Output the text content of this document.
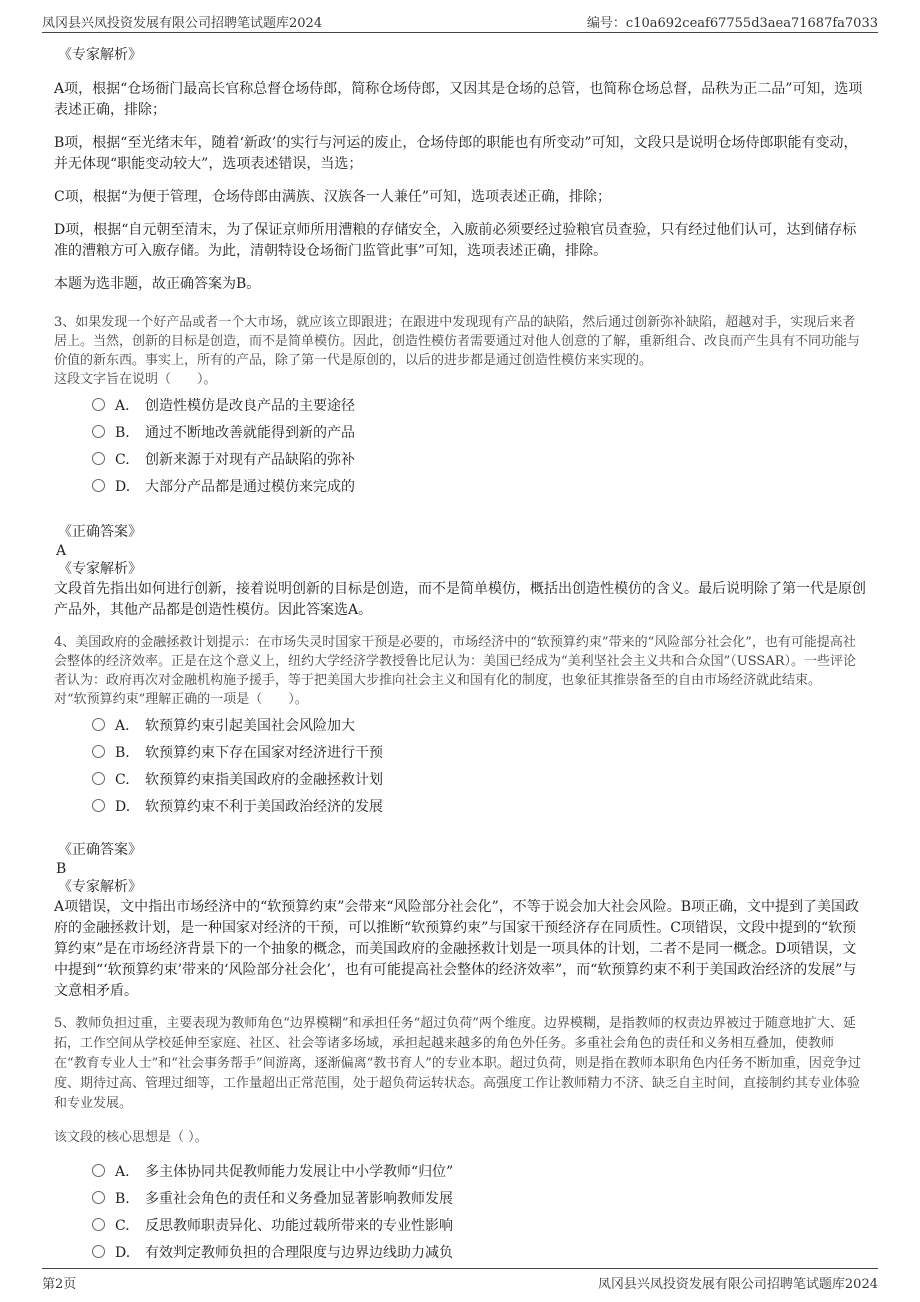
凤冈县兴凤投资发展有限公司招聘笔试题库2024	编号：c10a692ceaf67755d3aea71687fa7033
《专家解析》
A项，根据“仓场衙门最高长官称总督仓场侍郎，简称仓场侍郎，又因其是仓场的总管，也简称仓场总督，品秩为正二品”可知，选项表述正确，排除；
B项，根据“至光绪末年，随着‘新政’的实行与河运的废止，仓场侍郎的职能也有所变动”可知，文段只是说明仓场侍郎职能有变动，并无体现“职能变动较大”，选项表述错误，当选；
C项，根据“为便于管理，仓场侍郎由满族、汉族各一人兼任”可知，选项表述正确，排除；
D项，根据“自元朝至清末，为了保证京师所用漕粮的存储安全，入廒前必须要经过验粮官员查验，只有经过他们认可，达到储存标准的漕粮方可入廒存储。为此，清朝特设仓场衙门监管此事”可知，选项表述正确，排除。
本题为选非题，故正确答案为B。
3、如果发现一个好产品或者一个大市场，就应该立即跟进；在跟进中发现现有产品的缺陷，然后通过创新弥补缺陷，超越对手，实现后来者居上。当然，创新的目标是创造，而不是简单模仿。因此，创造性模仿者需要通过对他人创意的了解，重新组合、改良而产生具有不同功能与价值的新东西。事实上，所有的产品，除了第一代是原创的，以后的进步都是通过创造性模仿来实现的。
这段文字旨在说明（　　）。
A. 创造性模仿是改良产品的主要途径
B. 通过不断地改善就能得到新的产品
C. 创新来源于对现有产品缺陷的弥补
D. 大部分产品都是通过模仿来完成的
《正确答案》
A
《专家解析》
文段首先指出如何进行创新，接着说明创新的目标是创造，而不是简单模仿，概括出创造性模仿的含义。最后说明除了第一代是原创产品外，其他产品都是创造性模仿。因此答案选A。
4、美国政府的金融拯救计划提示：在市场失灵时国家干预是必要的，市场经济中的“软预算约束”带来的“风险部分社会化”，也有可能提高社会整体的经济效率。正是在这个意义上，纽约大学经济学教授鲁比尼认为：美国已经成为“美利坚社会主义共和合众国”（USSAR）。一些评论者认为：政府再次对金融机构施予援手，等于把美国大步推向社会主义和国有化的制度，也象征其推崇备至的自由市场经济就此结束。
对“软预算约束”理解正确的一项是（　　）。
A. 软预算约束引起美国社会风险加大
B. 软预算约束下存在国家对经济进行干预
C. 软预算约束指美国政府的金融拯救计划
D. 软预算约束不利于美国政治经济的发展
《正确答案》
B
《专家解析》
A项错误，文中指出市场经济中的“软预算约束”会带来“风险部分社会化”，不等于说会加大社会风险。B项正确，文中提到了美国政府的金融拯救计划，是一种国家对经济的干预，可以推断“软预算约束”与国家干预经济存在同质性。C项错误，文段中提到的“软预算约束”是在市场经济背景下的一个抽象的概念，而美国政府的金融拯救计划是一项具体的计划，二者不是同一概念。D项错误，文中提到“‘软预算约束’带来的‘风险部分社会化’，也有可能提高社会整体的经济效率”，而“软预算约束不利于美国政治经济的发展”与文意相矛盾。
5、教师负担过重，主要表现为教师角色“边界模糊”和承担任务“超过负荷”两个维度。边界模糊，是指教师的权责边界被过于随意地扩大、延拓，工作空间从学校延伸至家庭、社区、社会等诸多场域，承担起越来越多的角色外任务。多重社会角色的责任和义务相互叠加，使教师在“教育专业人士”和“社会事务帮手”间游离，逐渐偏离“教书育人”的专业本职。超过负荷，则是指在教师本职角色内任务不断加重，因竞争过度、期待过高、管理过细等，工作量超出正常范围，处于超负荷运转状态。高强度工作让教师精力不济、缺乏自主时间，直接制约其专业体验和专业发展。
该文段的核心思想是（ ）。
A. 多主体协同共促教师能力发展让中小学教师“归位”
B. 多重社会角色的责任和义务叠加显著影响教师发展
C. 反思教师职责异化、功能过载所带来的专业性影响
D. 有效判定教师负担的合理限度与边界边线助力减负
第2页	凤冈县兴凤投资发展有限公司招聘笔试题库2024
